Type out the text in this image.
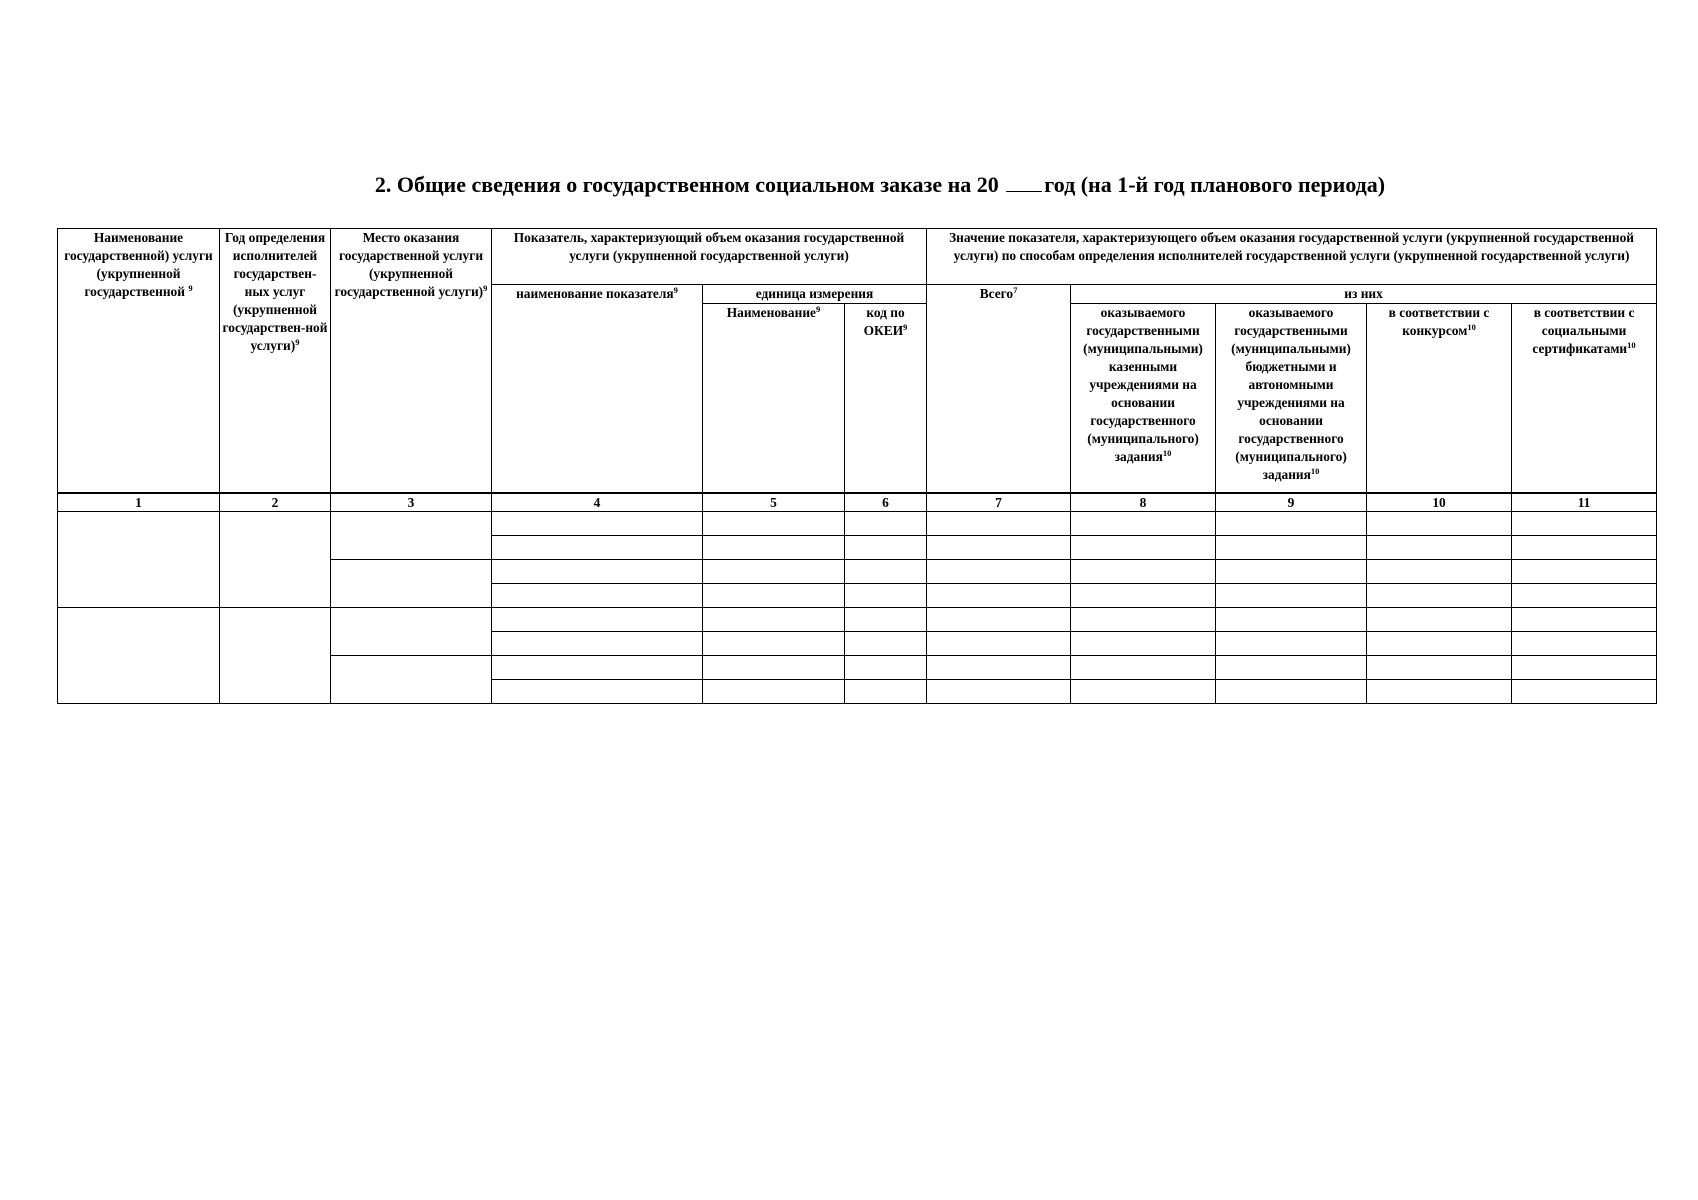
2. Общие сведения о государственном социальном заказе на 20 год (на 1-й год планового периода)
Наименование государственной) услуги (укрупненной государственной $^9$	Год определения исполнителей государствен-ных услуг (укрупненной государствен-ной услуги)$^9$	Место оказания государственной услуги (укрупненной государственной услуги)$^9$	Показатель, характеризующий объем оказания государственной услуги (укрупненной государственной услуги)			Значение показателя, характеризующего объем оказания государственной услуги (укрупненной государственной услуги) по способам определения исполнителей государственной услуги (укрупненной государственной услуги)				
			наименование показателя$^9$	единица измерения		Всего$^7$	из них			
				Наименование$^9$	код по ОКЕИ$^9$		оказываемого государственными (муниципальными) казенными учреждениями на основании государственного (муниципального) задания$^{10}$	оказываемого государственными (муниципальными) бюджетными и автономными учреждениями на основании государственного (муниципального) задания$^{10}$	в соответствии с конкурсом$^{10}$	в соответствии с социальными сертификатами$^{10}$
1	2	3	4	5	6	7	8	9	10	11
